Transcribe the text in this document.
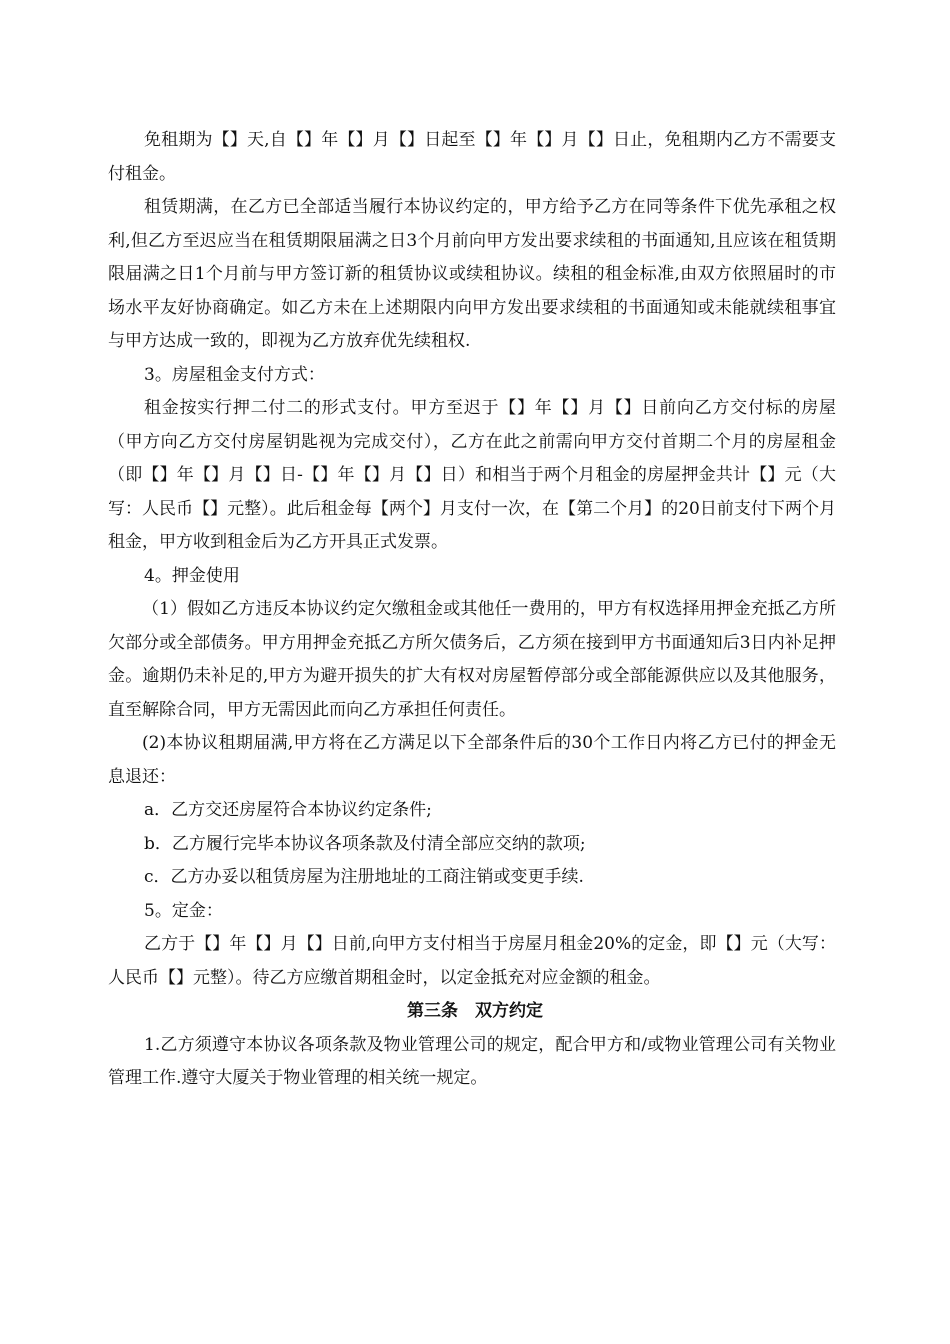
免租期为【】天,自【】年【】月【】日起至【】年【】月【】日止，免租期内乙方不需要支付租金。

租赁期满，在乙方已全部适当履行本协议约定的，甲方给予乙方在同等条件下优先承租之权利,但乙方至迟应当在租赁期限届满之日3个月前向甲方发出要求续租的书面通知,且应该在租赁期限届满之日1个月前与甲方签订新的租赁协议或续租协议。续租的租金标准,由双方依照届时的市场水平友好协商确定。如乙方未在上述期限内向甲方发出要求续租的书面通知或未能就续租事宜与甲方达成一致的，即视为乙方放弃优先续租权.

3。房屋租金支付方式：

租金按实行押二付二的形式支付。甲方至迟于【】年【】月【】日前向乙方交付标的房屋（甲方向乙方交付房屋钥匙视为完成交付），乙方在此之前需向甲方交付首期二个月的房屋租金（即【】年【】月【】日-【】年【】月【】日）和相当于两个月租金的房屋押金共计【】元（大写：人民币【】元整）。此后租金每【两个】月支付一次，在【第二个月】的20日前支付下两个月租金，甲方收到租金后为乙方开具正式发票。

4。押金使用

（1）假如乙方违反本协议约定欠缴租金或其他任一费用的，甲方有权选择用押金充抵乙方所欠部分或全部债务。甲方用押金充抵乙方所欠债务后，乙方须在接到甲方书面通知后3日内补足押金。逾期仍未补足的,甲方为避开损失的扩大有权对房屋暂停部分或全部能源供应以及其他服务，直至解除合同，甲方无需因此而向乙方承担任何责任。

(2)本协议租期届满,甲方将在乙方满足以下全部条件后的30个工作日内将乙方已付的押金无息退还：

a．乙方交还房屋符合本协议约定条件;

b．乙方履行完毕本协议各项条款及付清全部应交纳的款项;

c．乙方办妥以租赁房屋为注册地址的工商注销或变更手续.

5。定金：

乙方于【】年【】月【】日前,向甲方支付相当于房屋月租金20%的定金，即【】元（大写：人民币【】元整）。待乙方应缴首期租金时，以定金抵充对应金额的租金。

第三条　双方约定

1.乙方须遵守本协议各项条款及物业管理公司的规定，配合甲方和/或物业管理公司有关物业管理工作.遵守大厦关于物业管理的相关统一规定。
